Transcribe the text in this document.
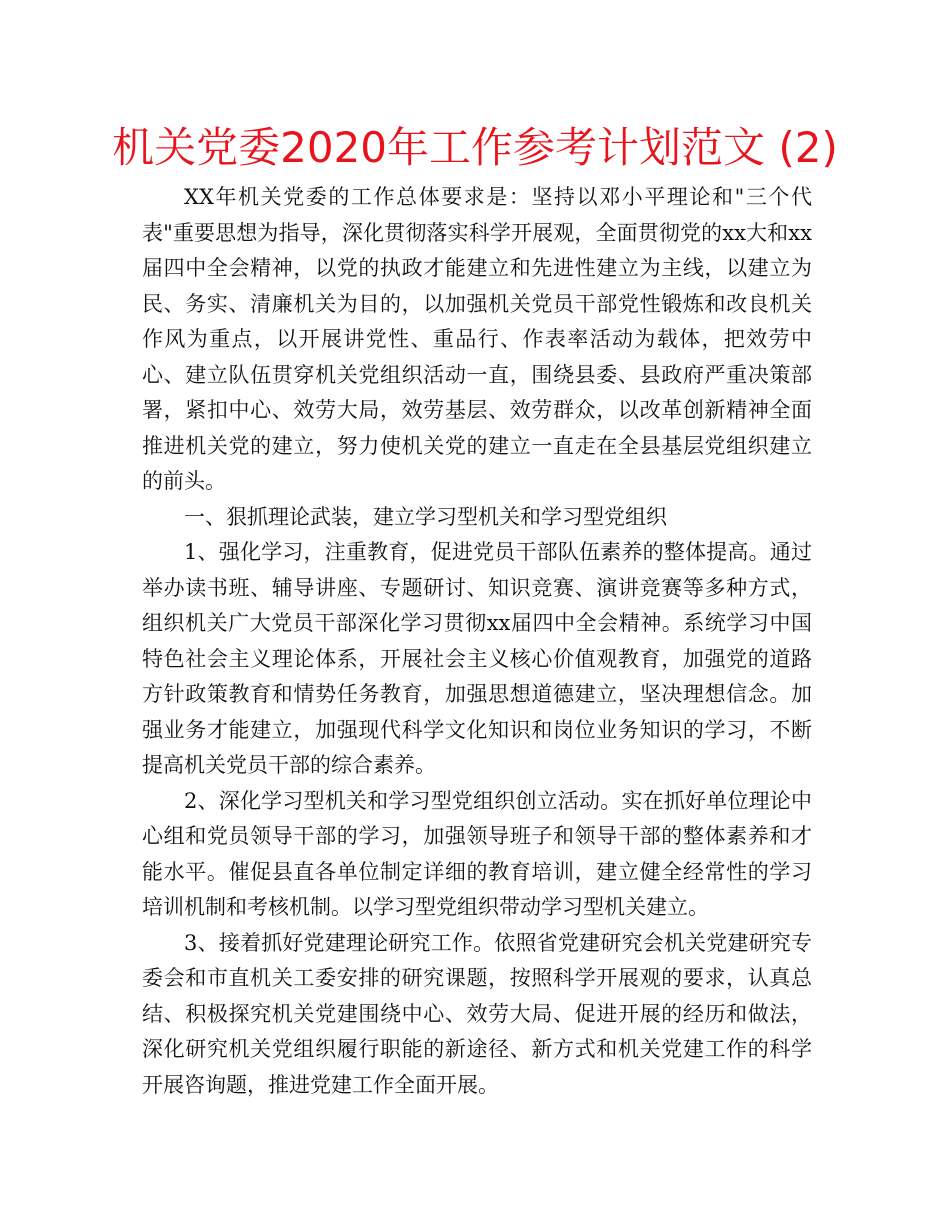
机关党委2020年工作参考计划范文 (2)

XX年机关党委的工作总体要求是：坚持以邓小平理论和"三个代表"重要思想为指导，深化贯彻落实科学开展观，全面贯彻党的xx大和xx届四中全会精神，以党的执政才能建立和先进性建立为主线，以建立为民、务实、清廉机关为目的，以加强机关党员干部党性锻炼和改良机关作风为重点，以开展讲党性、重品行、作表率活动为载体，把效劳中心、建立队伍贯穿机关党组织活动一直，围绕县委、县政府严重决策部署，紧扣中心、效劳大局，效劳基层、效劳群众，以改革创新精神全面推进机关党的建立，努力使机关党的建立一直走在全县基层党组织建立的前头。

一、狠抓理论武装，建立学习型机关和学习型党组织

1、强化学习，注重教育，促进党员干部队伍素养的整体提高。通过举办读书班、辅导讲座、专题研讨、知识竞赛、演讲竞赛等多种方式，组织机关广大党员干部深化学习贯彻xx届四中全会精神。系统学习中国特色社会主义理论体系，开展社会主义核心价值观教育，加强党的道路方针政策教育和情势任务教育，加强思想道德建立，坚决理想信念。加强业务才能建立，加强现代科学文化知识和岗位业务知识的学习，不断提高机关党员干部的综合素养。

2、深化学习型机关和学习型党组织创立活动。实在抓好单位理论中心组和党员领导干部的学习，加强领导班子和领导干部的整体素养和才能水平。催促县直各单位制定详细的教育培训，建立健全经常性的学习培训机制和考核机制。以学习型党组织带动学习型机关建立。

3、接着抓好党建理论研究工作。依照省党建研究会机关党建研究专委会和市直机关工委安排的研究课题，按照科学开展观的要求，认真总结、积极探究机关党建围绕中心、效劳大局、促进开展的经历和做法，深化研究机关党组织履行职能的新途径、新方式和机关党建工作的科学开展咨询题，推进党建工作全面开展。
